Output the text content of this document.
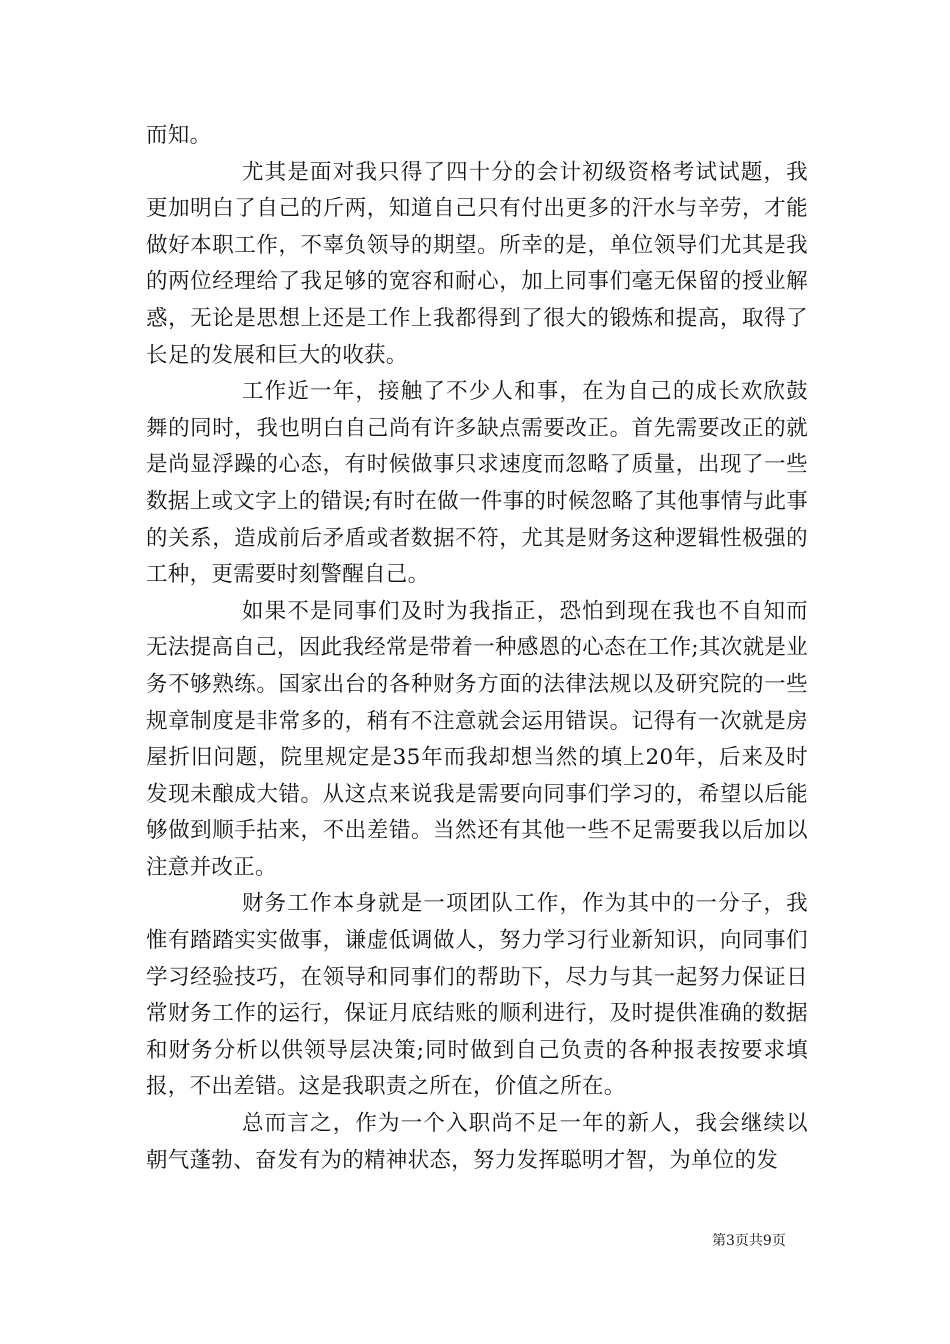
而知。

尤其是面对我只得了四十分的会计初级资格考试试题，我更加明白了自己的斤两，知道自己只有付出更多的汗水与辛劳，才能做好本职工作，不辜负领导的期望。所幸的是，单位领导们尤其是我的两位经理给了我足够的宽容和耐心，加上同事们毫无保留的授业解惑，无论是思想上还是工作上我都得到了很大的锻炼和提高，取得了长足的发展和巨大的收获。

工作近一年，接触了不少人和事，在为自己的成长欢欣鼓舞的同时，我也明白自己尚有许多缺点需要改正。首先需要改正的就是尚显浮躁的心态，有时候做事只求速度而忽略了质量，出现了一些数据上或文字上的错误;有时在做一件事的时候忽略了其他事情与此事的关系，造成前后矛盾或者数据不符，尤其是财务这种逻辑性极强的工种，更需要时刻警醒自己。

如果不是同事们及时为我指正，恐怕到现在我也不自知而无法提高自己，因此我经常是带着一种感恩的心态在工作;其次就是业务不够熟练。国家出台的各种财务方面的法律法规以及研究院的一些规章制度是非常多的，稍有不注意就会运用错误。记得有一次就是房屋折旧问题，院里规定是35年而我却想当然的填上20年，后来及时发现未酿成大错。从这点来说我是需要向同事们学习的，希望以后能够做到顺手拈来，不出差错。当然还有其他一些不足需要我以后加以注意并改正。

财务工作本身就是一项团队工作，作为其中的一分子，我惟有踏踏实实做事，谦虚低调做人，努力学习行业新知识，向同事们学习经验技巧，在领导和同事们的帮助下，尽力与其一起努力保证日常财务工作的运行，保证月底结账的顺利进行，及时提供准确的数据和财务分析以供领导层决策;同时做到自己负责的各种报表按要求填报，不出差错。这是我职责之所在，价值之所在。

总而言之，作为一个入职尚不足一年的新人，我会继续以朝气蓬勃、奋发有为的精神状态，努力发挥聪明才智，为单位的发

第3页共9页
